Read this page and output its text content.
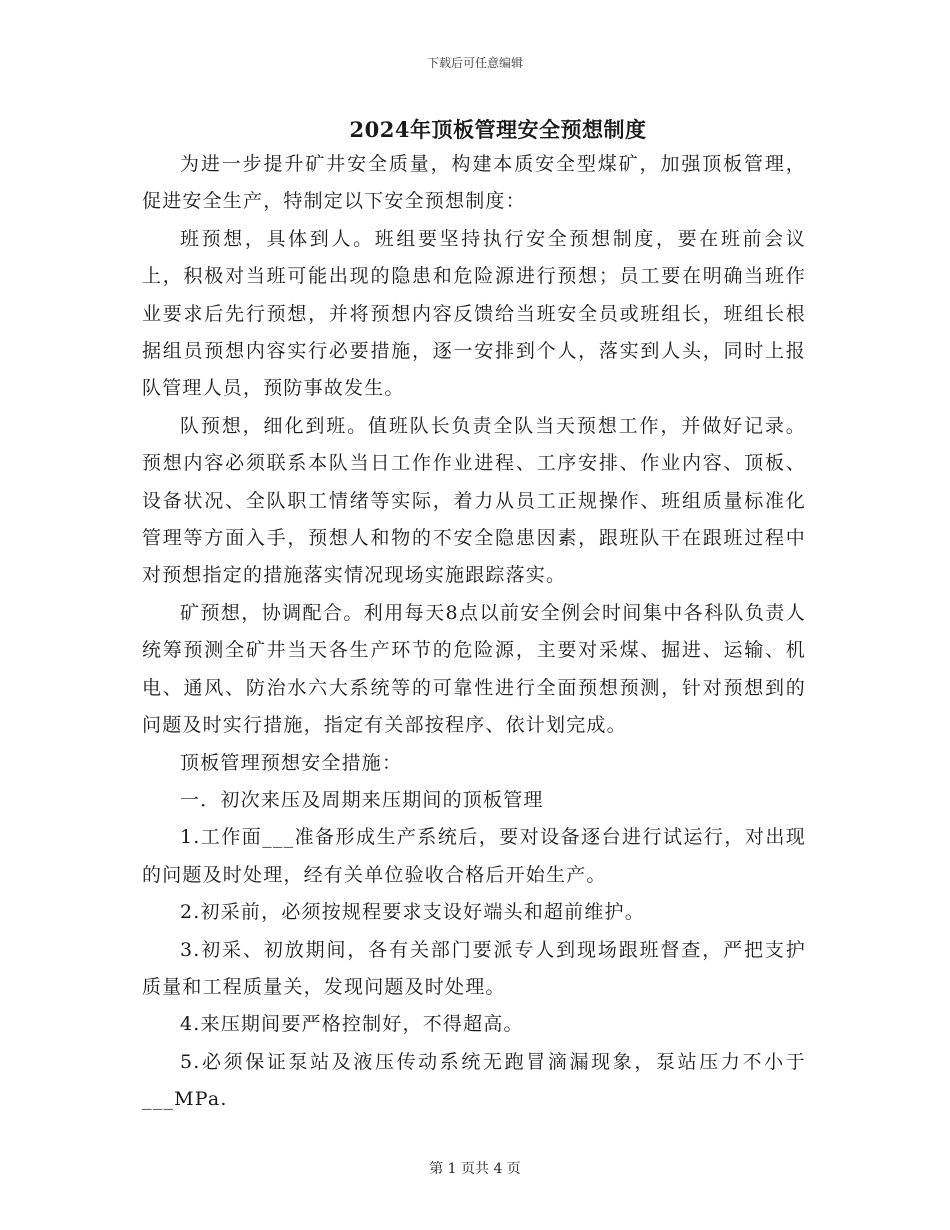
下载后可任意编辑
2024年顶板管理安全预想制度

为进一步提升矿井安全质量，构建本质安全型煤矿，加强顶板管理，促进安全生产，特制定以下安全预想制度：

班预想，具体到人。班组要坚持执行安全预想制度，要在班前会议上，积极对当班可能出现的隐患和危险源进行预想；员工要在明确当班作业要求后先行预想，并将预想内容反馈给当班安全员或班组长，班组长根据组员预想内容实行必要措施，逐一安排到个人，落实到人头，同时上报队管理人员，预防事故发生。

队预想，细化到班。值班队长负责全队当天预想工作，并做好记录。预想内容必须联系本队当日工作作业进程、工序安排、作业内容、顶板、设备状况、全队职工情绪等实际，着力从员工正规操作、班组质量标准化管理等方面入手，预想人和物的不安全隐患因素，跟班队干在跟班过程中对预想指定的措施落实情况现场实施跟踪落实。

矿预想，协调配合。利用每天8点以前安全例会时间集中各科队负责人统筹预测全矿井当天各生产环节的危险源，主要对采煤、掘进、运输、机电、通风、防治水六大系统等的可靠性进行全面预想预测，针对预想到的问题及时实行措施，指定有关部按程序、依计划完成。

顶板管理预想安全措施：

一．初次来压及周期来压期间的顶板管理

1.工作面___准备形成生产系统后，要对设备逐台进行试运行，对出现的问题及时处理，经有关单位验收合格后开始生产。

2.初采前，必须按规程要求支设好端头和超前维护。

3.初采、初放期间，各有关部门要派专人到现场跟班督查，严把支护质量和工程质量关，发现问题及时处理。

4.来压期间要严格控制好，不得超高。

5.必须保证泵站及液压传动系统无跑冒滴漏现象，泵站压力不小于___MPa.

第 1 页共 4 页
